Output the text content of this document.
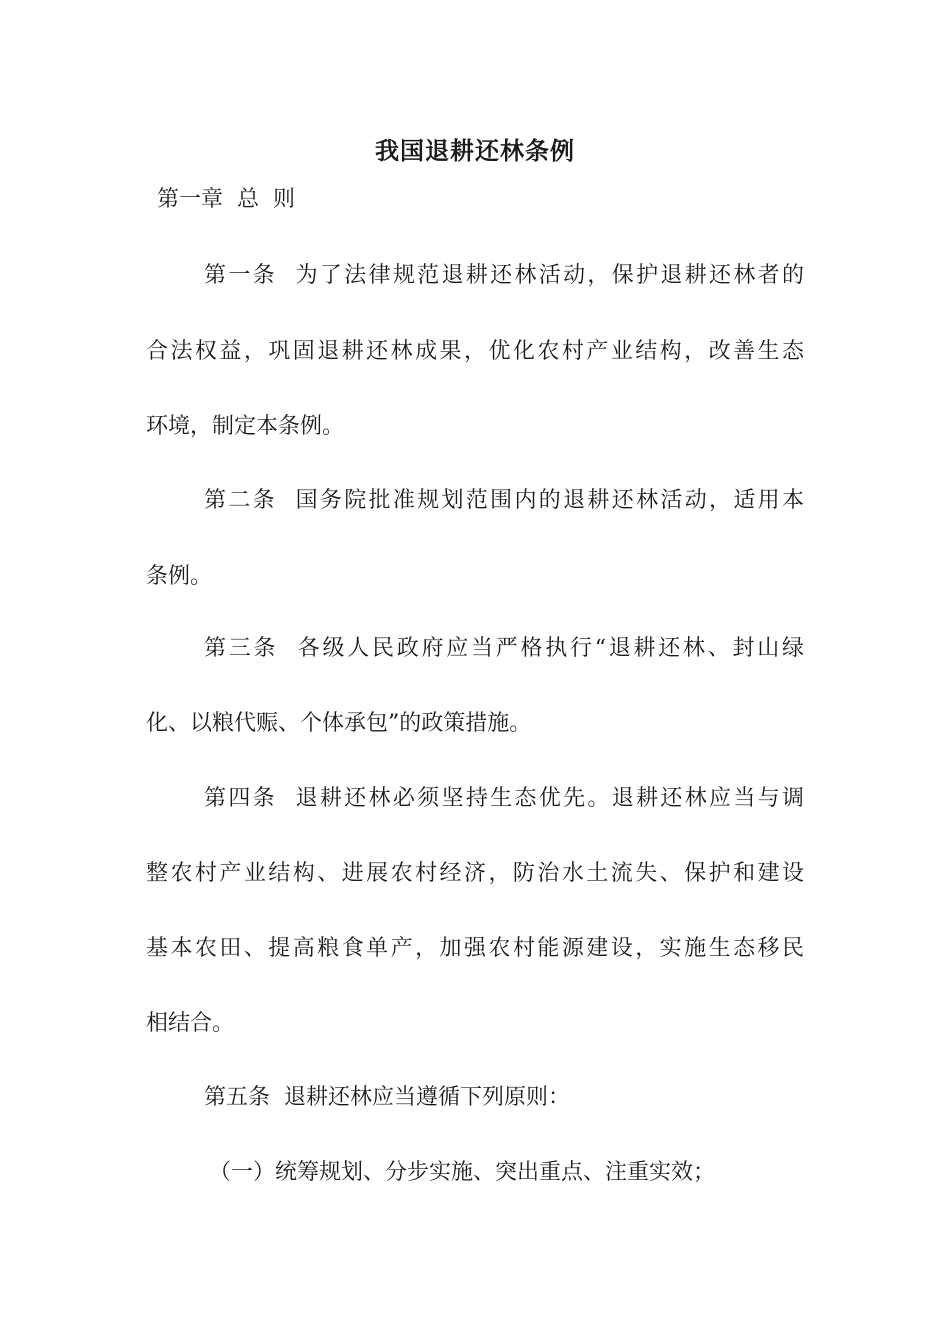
我国退耕还林条例

第一章  总  则

第一条  为了法律规范退耕还林活动，保护退耕还林者的

合法权益，巩固退耕还林成果，优化农村产业结构，改善生态

环境，制定本条例。

第二条  国务院批准规划范围内的退耕还林活动，适用本

条例。

第三条  各级人民政府应当严格执行“退耕还林、封山绿

化、以粮代赈、个体承包”的政策措施。

第四条  退耕还林必须坚持生态优先。退耕还林应当与调

整农村产业结构、进展农村经济，防治水土流失、保护和建设

基本农田、提高粮食单产，加强农村能源建设，实施生态移民

相结合。

第五条  退耕还林应当遵循下列原则：

（一）统筹规划、分步实施、突出重点、注重实效；
